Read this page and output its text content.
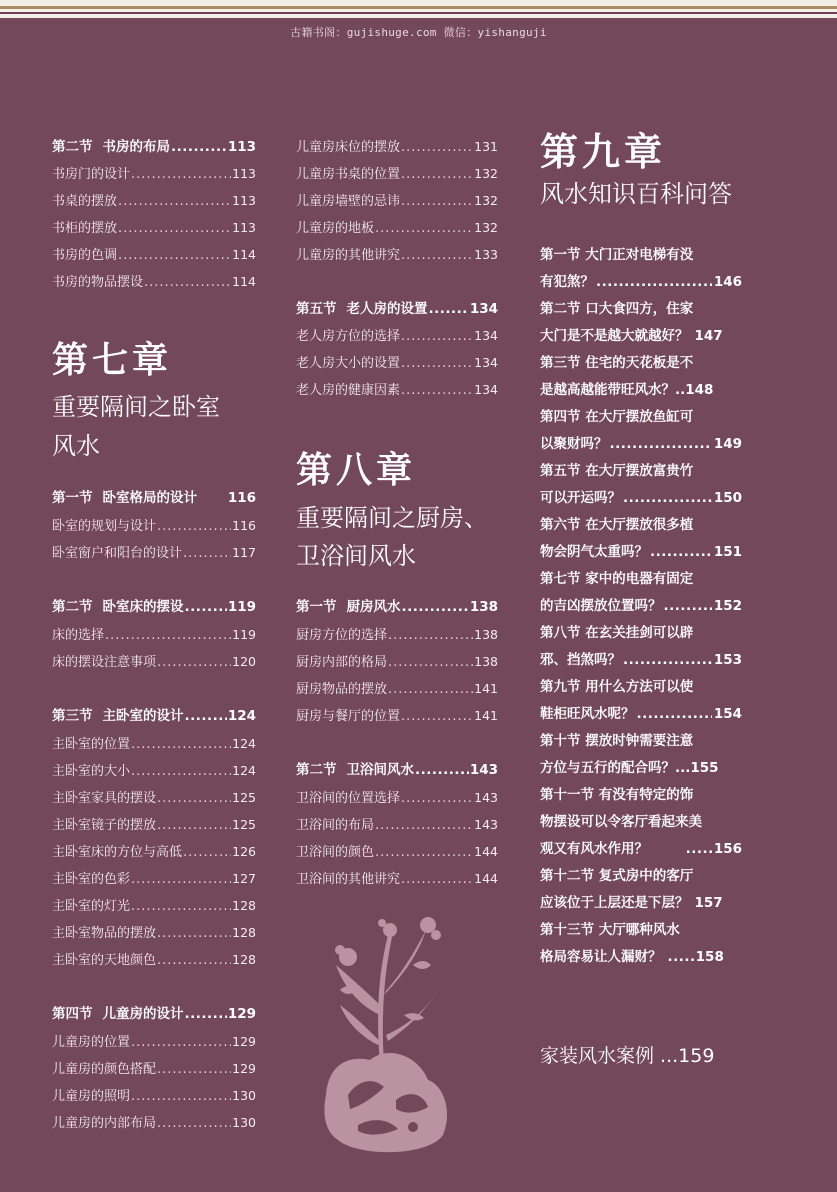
古籍书阁：gujishuge.com 微信：yishanguji
第二节 书房的布局 .....	113
书房门的设计 .....	113
书桌的摆放 .....	113
书柜的摆放 .....	113
书房的色调 .....	114
书房的物品摆设 .....	114
第七章
重要隔间之卧室
风水
第一节 卧室格局的设计 116
卧室的规划与设计 .....	116
卧室窗户和阳台的设计 .....	117
第二节 卧室床的摆设 .....	119
床的选择 .....	119
床的摆设注意事项 .....	120
第三节 主卧室的设计 .....	124
主卧室的位置 .....	124
主卧室的大小 .....	124
主卧室家具的摆设 .....	125
主卧室镜子的摆放 .....	125
主卧室床的方位与高低 .....	126
主卧室的色彩 .....	127
主卧室的灯光 .....	128
主卧室物品的摆放 .....	128
主卧室的天地颜色 .....	128
第四节 儿童房的设计 .....	129
儿童房的位置 .....	129
儿童房的颜色搭配 .....	129
儿童房的照明 .....	130
儿童房的内部布局 .....	130
儿童房床位的摆放 .....	131
儿童房书桌的位置 .....	132
儿童房墙壁的忌讳 .....	132
儿童房的地板 .....	132
儿童房的其他讲究 .....	133
第五节 老人房的设置 .....	134
老人房方位的选择 .....	134
老人房大小的设置 .....	134
老人房的健康因素 .....	134
第八章
重要隔间之厨房、
卫浴间风水
第一节 厨房风水 .....	138
厨房方位的选择 .....	138
厨房内部的格局 .....	138
厨房物品的摆放 .....	141
厨房与餐厅的位置 .....	141
第二节 卫浴间风水 .....	143
卫浴间的位置选择 .....	143
卫浴间的布局 .....	143
卫浴间的颜色 .....	144
卫浴间的其他讲究 .....	144
第九章
风水知识百科问答
第一节 大门正对电梯有没
有犯煞？ .....	146
第二节 口大食四方，住家
大门是不是越大就越好？ 147
第三节 住宅的天花板是不
是越高越能带旺风水？.. 148
第四节 在大厅摆放鱼缸可
以聚财吗？ .....	149
第五节 在大厅摆放富贵竹
可以开运吗？ .....	150
第六节 在大厅摆放很多植
物会阴气太重吗？ .....	151
第七节 家中的电器有固定
的吉凶摆放位置吗？ .....	152
第八节 在玄关挂剑可以辟
邪、挡煞吗？ .....	153
第九节 用什么方法可以使
鞋柜旺风水呢？ .....	154
第十节 摆放时钟需要注意
方位与五行的配合吗？... 155
第十一节 有没有特定的饰
物摆设可以令客厅看起来美
观又有风水作用？	..... 156
第十二节 复式房中的客厅
应该位于上层还是下层？ 157
第十三节 大厅哪种风水
格局容易让人漏财？ ..... 158
家装风水案例 ...159
